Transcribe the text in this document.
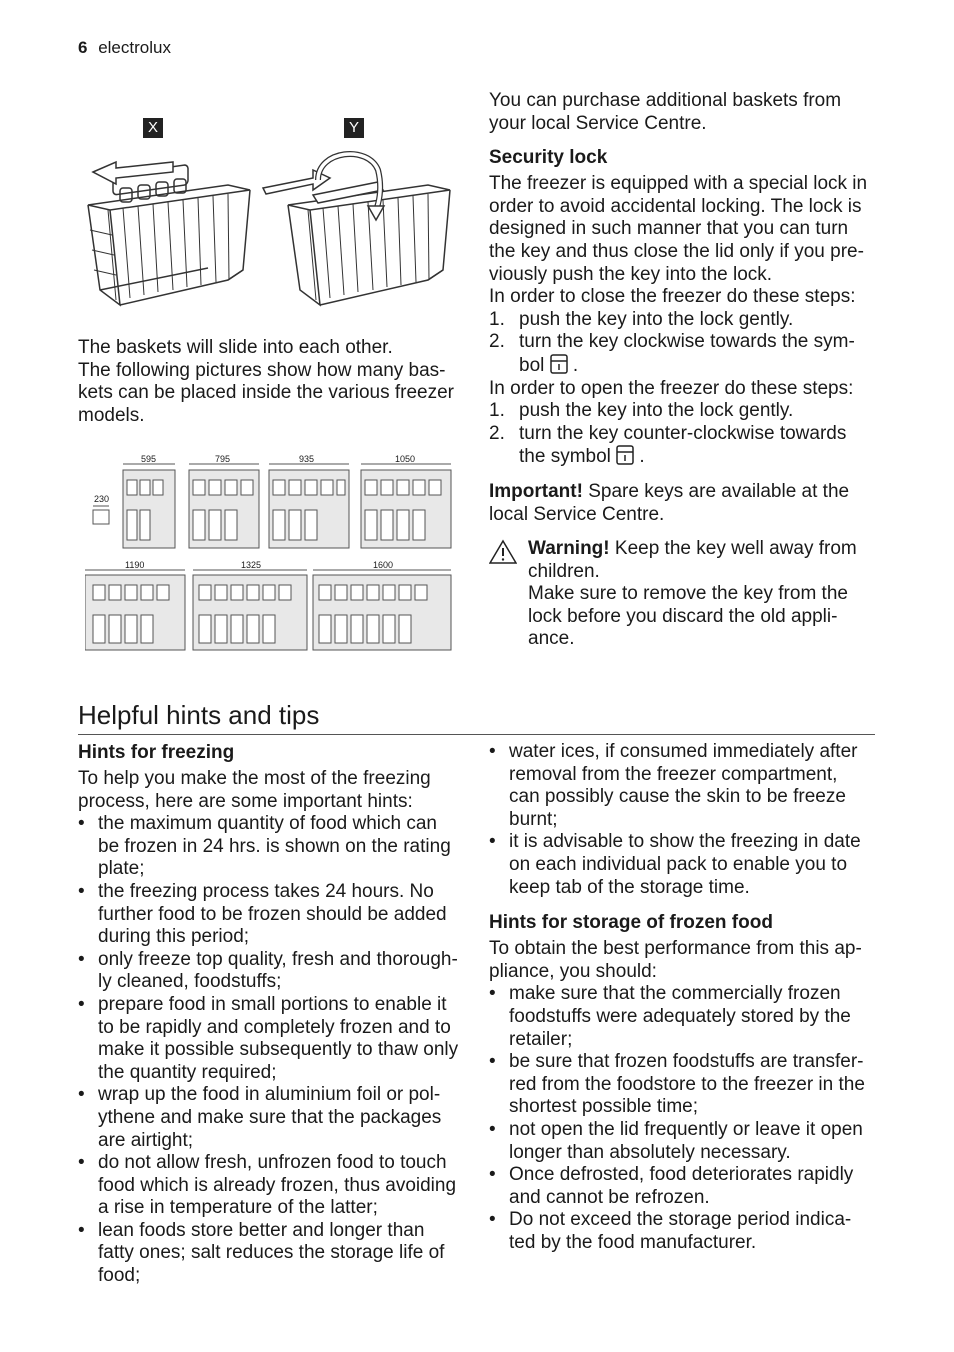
6 electrolux
X	Y
The baskets will slide into each other.
The following pictures show how many bas-
kets can be placed inside the various freezer
models.
595	795	935	1050
230
1190	1325	1600
You can purchase additional baskets from
your local Service Centre.
Security lock
The freezer is equipped with a special lock in
order to avoid accidental locking. The lock is
designed in such manner that you can turn
the key and thus close the lid only if you pre-
viously push the key into the lock.
In order to close the freezer do these steps:
1. push the key into the lock gently.
2. turn the key clockwise towards the sym-
bol  .
In order to open the freezer do these steps:
1. push the key into the lock gently.
2. turn the key counter-clockwise towards
the symbol  .
Important! Spare keys are available at the
local Service Centre.
Warning! Keep the key well away from
children.
Make sure to remove the key from the
lock before you discard the old appli-
ance.
Helpful hints and tips
Hints for freezing
To help you make the most of the freezing
process, here are some important hints:
• the maximum quantity of food which can
be frozen in 24 hrs. is shown on the rating
plate;
• the freezing process takes 24 hours. No
further food to be frozen should be added
during this period;
• only freeze top quality, fresh and thorough-
ly cleaned, foodstuffs;
• prepare food in small portions to enable it
to be rapidly and completely frozen and to
make it possible subsequently to thaw only
the quantity required;
• wrap up the food in aluminium foil or pol-
ythene and make sure that the packages
are airtight;
• do not allow fresh, unfrozen food to touch
food which is already frozen, thus avoiding
a rise in temperature of the latter;
• lean foods store better and longer than
fatty ones; salt reduces the storage life of
food;
• water ices, if consumed immediately after
removal from the freezer compartment,
can possibly cause the skin to be freeze
burnt;
• it is advisable to show the freezing in date
on each individual pack to enable you to
keep tab of the storage time.
Hints for storage of frozen food
To obtain the best performance from this ap-
pliance, you should:
• make sure that the commercially frozen
foodstuffs were adequately stored by the
retailer;
• be sure that frozen foodstuffs are transfer-
red from the foodstore to the freezer in the
shortest possible time;
• not open the lid frequently or leave it open
longer than absolutely necessary.
• Once defrosted, food deteriorates rapidly
and cannot be refrozen.
• Do not exceed the storage period indica-
ted by the food manufacturer.
